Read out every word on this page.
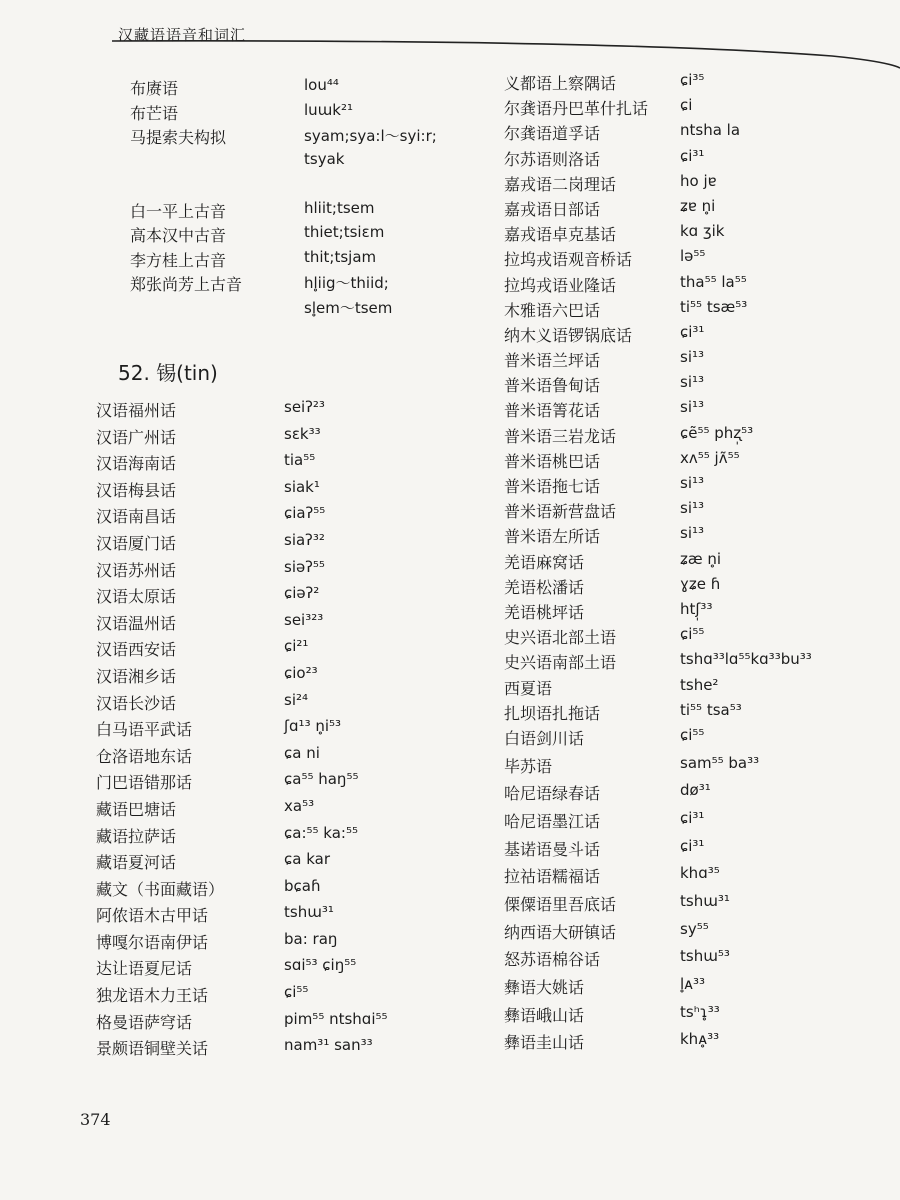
汉藏语语音和词汇
布赓语	lou⁴⁴
布芒语	luɯk²¹
马提索夫构拟	syam;sya:l～syi:r;
tsyak
白一平上古音	hliit;tsem
高本汉中古音	thiet;tsiɛm
李方桂上古音	thit;tsjam
郑张尚芳上古音	hl̥iig～thiid;
sl̥em～tsem
52. 锡(tin)
汉语福州话	seiʔ²³
汉语广州话	sɛk³³
汉语海南话	tia⁵⁵
汉语梅县话	siak¹
汉语南昌话	ɕiaʔ⁵⁵
汉语厦门话	siaʔ³²
汉语苏州话	siəʔ⁵⁵
汉语太原话	ɕiəʔ²
汉语温州话	sei³²³
汉语西安话	ɕi²¹
汉语湘乡话	ɕio²³
汉语长沙话	si²⁴
白马语平武话	ʃɑ¹³ n̥i⁵³
仓洛语地东话	ɕa ni
门巴语错那话	ɕa⁵⁵ haŋ⁵⁵
藏语巴塘话	xa⁵³
藏语拉萨话	ɕa:⁵⁵ ka:⁵⁵
藏语夏河话	ɕa kar
藏文（书面藏语）	bɕaɦ
阿侬语木古甲话	tshɯ³¹
博嘎尔语南伊话	ba: raŋ
达让语夏尼话	sɑi⁵³ ɕiŋ⁵⁵
独龙语木力王话	ɕi⁵⁵
格曼语萨穹话	pim⁵⁵ ntshɑi⁵⁵
景颇语铜壁关话	nam³¹ san³³
义都语上察隅话	ɕi³⁵
尔龚语丹巴革什扎话 ɕi
尔龚语道孚话	ntsha la
尔苏语则洛话	ɕi³¹
嘉戎语二岗理话	ho jɐ
嘉戎语日部话	ʑɐ n̥i
嘉戎语卓克基话	kɑ ʒik
拉坞戎语观音桥话	lə⁵⁵
拉坞戎语业隆话	tha⁵⁵ la⁵⁵
木雅语六巴话	ti⁵⁵ tsæ⁵³
纳木义语锣锅底话	ɕi³¹
普米语兰坪话	si¹³
普米语鲁甸话	si¹³
普米语箐花话	si¹³
普米语三岩龙话	ɕẽ⁵⁵ phʐ̩⁵³
普米语桃巴话	xʌ⁵⁵ jʌ̃⁵⁵
普米语拖七话	si¹³
普米语新营盘话	si¹³
普米语左所话	si¹³
羌语麻窝话	ʑæ n̥i
羌语松潘话	ɣʑe ɦ
羌语桃坪话	htʃ̩³³
史兴语北部土语	ɕi⁵⁵
史兴语南部土语	tshɑ³³lɑ⁵⁵kɑ³³bu³³
西夏语	tshe²
扎坝语扎拖话	ti⁵⁵ tsa⁵³
白语剑川话	ɕi⁵⁵
毕苏语	sam⁵⁵ ba³³
哈尼语绿春话	dø³¹
哈尼语墨江话	ɕi³¹
基诺语曼斗话	ɕi³¹
拉祜语糯福话	khɑ³⁵
傈僳语里吾底话	tshɯ³¹
纳西语大研镇话	sy⁵⁵
怒苏语棉谷话	tshɯ⁵³
彝语大姚话	l̥ᴀ³³
彝语峨山话	tsʰɿ̥³³
彝语圭山话	khᴀ̥³³
374
